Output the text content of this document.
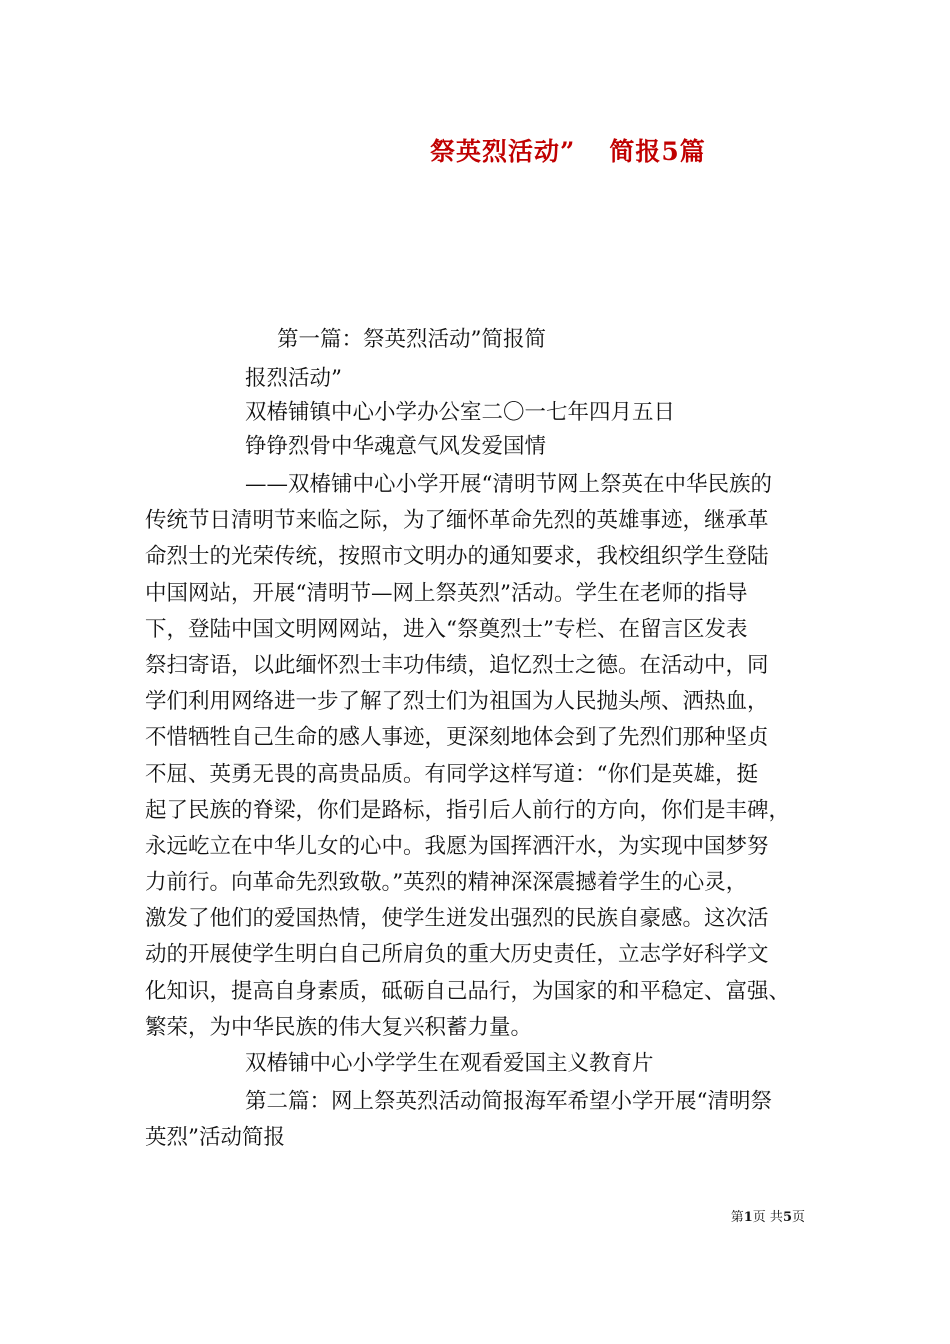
祭英烈活动” 简报5篇
第一篇：祭英烈活动”简报简
报烈活动”
双椿铺镇中心小学办公室二〇一七年四月五日
铮铮烈骨中华魂意气风发爱国情
——双椿铺中心小学开展“清明节网上祭英在中华民族的
传统节日清明节来临之际，为了缅怀革命先烈的英雄事迹，继承革
命烈士的光荣传统，按照市文明办的通知要求，我校组织学生登陆
中国网站，开展“清明节—网上祭英烈”活动。学生在老师的指导
下，登陆中国文明网网站，进入“祭奠烈士”专栏、在留言区发表
祭扫寄语，以此缅怀烈士丰功伟绩，追忆烈士之德。在活动中，同
学们利用网络进一步了解了烈士们为祖国为人民抛头颅、洒热血，
不惜牺牲自己生命的感人事迹，更深刻地体会到了先烈们那种坚贞
不屈、英勇无畏的高贵品质。有同学这样写道：“你们是英雄，挺
起了民族的脊梁，你们是路标，指引后人前行的方向，你们是丰碑，
永远屹立在中华儿女的心中。我愿为国挥洒汗水，为实现中国梦努
力前行。向革命先烈致敬。”英烈的精神深深震撼着学生的心灵，
激发了他们的爱国热情，使学生迸发出强烈的民族自豪感。这次活
动的开展使学生明白自己所肩负的重大历史责任，立志学好科学文
化知识，提高自身素质，砥砺自己品行，为国家的和平稳定、富强、
繁荣，为中华民族的伟大复兴积蓄力量。
双椿铺中心小学学生在观看爱国主义教育片
第二篇：网上祭英烈活动简报海军希望小学开展“清明祭
英烈”活动简报
第1页 共5页
